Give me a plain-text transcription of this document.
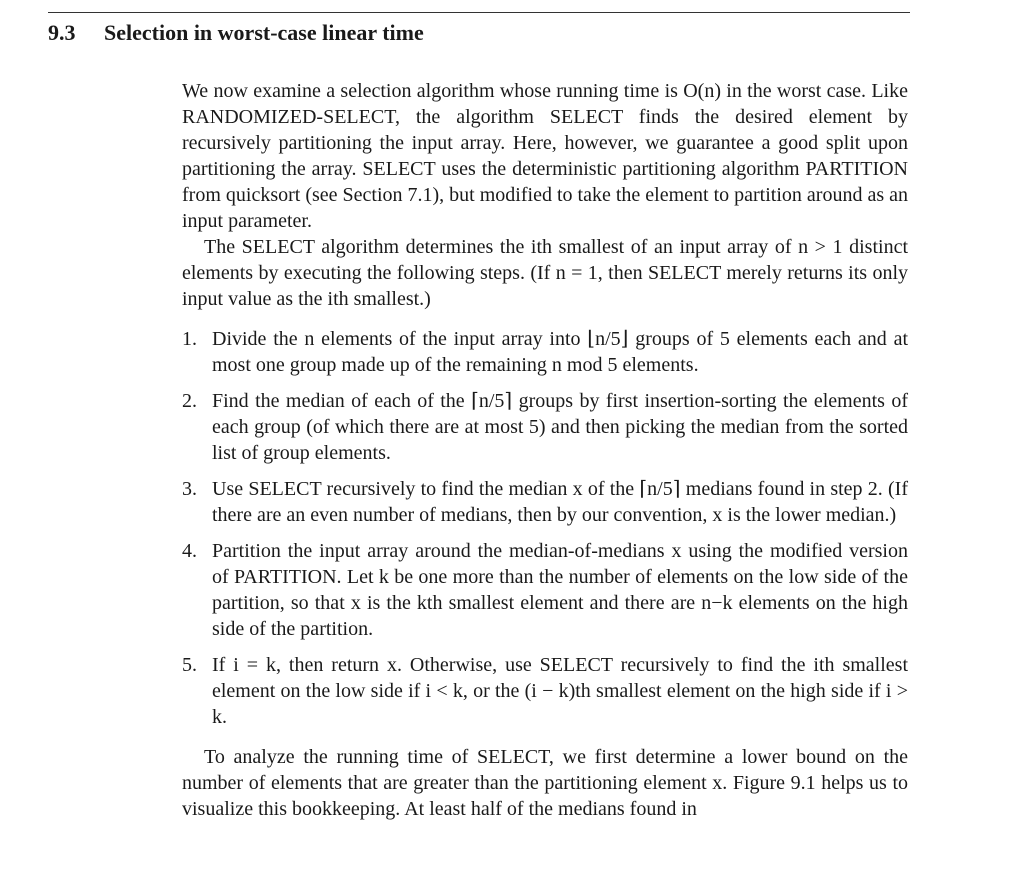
9.3 Selection in worst-case linear time

We now examine a selection algorithm whose running time is O(n) in the worst case. Like RANDOMIZED-SELECT, the algorithm SELECT finds the desired element by recursively partitioning the input array. Here, however, we guarantee a good split upon partitioning the array. SELECT uses the deterministic partitioning algorithm PARTITION from quicksort (see Section 7.1), but modified to take the element to partition around as an input parameter.

The SELECT algorithm determines the ith smallest of an input array of n > 1 distinct elements by executing the following steps. (If n = 1, then SELECT merely returns its only input value as the ith smallest.)

1. Divide the n elements of the input array into ⌊n/5⌋ groups of 5 elements each and at most one group made up of the remaining n mod 5 elements.
2. Find the median of each of the ⌈n/5⌉ groups by first insertion-sorting the elements of each group (of which there are at most 5) and then picking the median from the sorted list of group elements.
3. Use SELECT recursively to find the median x of the ⌈n/5⌉ medians found in step 2. (If there are an even number of medians, then by our convention, x is the lower median.)
4. Partition the input array around the median-of-medians x using the modified version of PARTITION. Let k be one more than the number of elements on the low side of the partition, so that x is the kth smallest element and there are n−k elements on the high side of the partition.
5. If i = k, then return x. Otherwise, use SELECT recursively to find the ith smallest element on the low side if i < k, or the (i − k)th smallest element on the high side if i > k.

To analyze the running time of SELECT, we first determine a lower bound on the number of elements that are greater than the partitioning element x. Figure 9.1 helps us to visualize this bookkeeping. At least half of the medians found in
